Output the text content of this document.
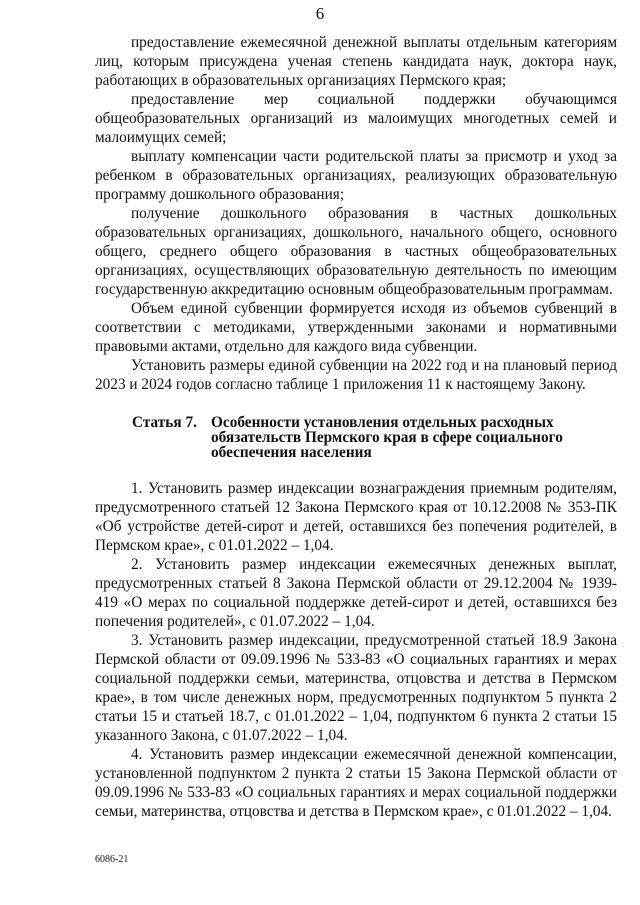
6

предоставление ежемесячной денежной выплаты отдельным категориям лиц, которым присуждена ученая степень кандидата наук, доктора наук, работающих в образовательных организациях Пермского края;

предоставление мер социальной поддержки обучающимся общеобразовательных организаций из малоимущих многодетных семей и малоимущих семей;

выплату компенсации части родительской платы за присмотр и уход за ребенком в образовательных организациях, реализующих образовательную программу дошкольного образования;

получение дошкольного образования в частных дошкольных образовательных организациях, дошкольного, начального общего, основного общего, среднего общего образования в частных общеобразовательных организациях, осуществляющих образовательную деятельность по имеющим государственную аккредитацию основным общеобразовательным программам.

Объем единой субвенции формируется исходя из объемов субвенций в соответствии с методиками, утвержденными законами и нормативными правовыми актами, отдельно для каждого вида субвенции.

Установить размеры единой субвенции на 2022 год и на плановый период 2023 и 2024 годов согласно таблице 1 приложения 11 к настоящему Закону.

Статья 7. Особенности установления отдельных расходных обязательств Пермского края в сфере социального обеспечения населения

1. Установить размер индексации вознаграждения приемным родителям, предусмотренного статьей 12 Закона Пермского края от 10.12.2008 № 353-ПК «Об устройстве детей-сирот и детей, оставшихся без попечения родителей, в Пермском крае», с 01.01.2022 – 1,04.

2. Установить размер индексации ежемесячных денежных выплат, предусмотренных статьей 8 Закона Пермской области от 29.12.2004 № 1939-419 «О мерах по социальной поддержке детей-сирот и детей, оставшихся без попечения родителей», с 01.07.2022 – 1,04.

3. Установить размер индексации, предусмотренной статьей 18.9 Закона Пермской области от 09.09.1996 № 533-83 «О социальных гарантиях и мерах социальной поддержки семьи, материнства, отцовства и детства в Пермском крае», в том числе денежных норм, предусмотренных подпунктом 5 пункта 2 статьи 15 и статьей 18.7, с 01.01.2022 – 1,04, подпунктом 6 пункта 2 статьи 15 указанного Закона, с 01.07.2022 – 1,04.

4. Установить размер индексации ежемесячной денежной компенсации, установленной подпунктом 2 пункта 2 статьи 15 Закона Пермской области от 09.09.1996 № 533-83 «О социальных гарантиях и мерах социальной поддержки семьи, материнства, отцовства и детства в Пермском крае», с 01.01.2022 – 1,04.

6086-21
